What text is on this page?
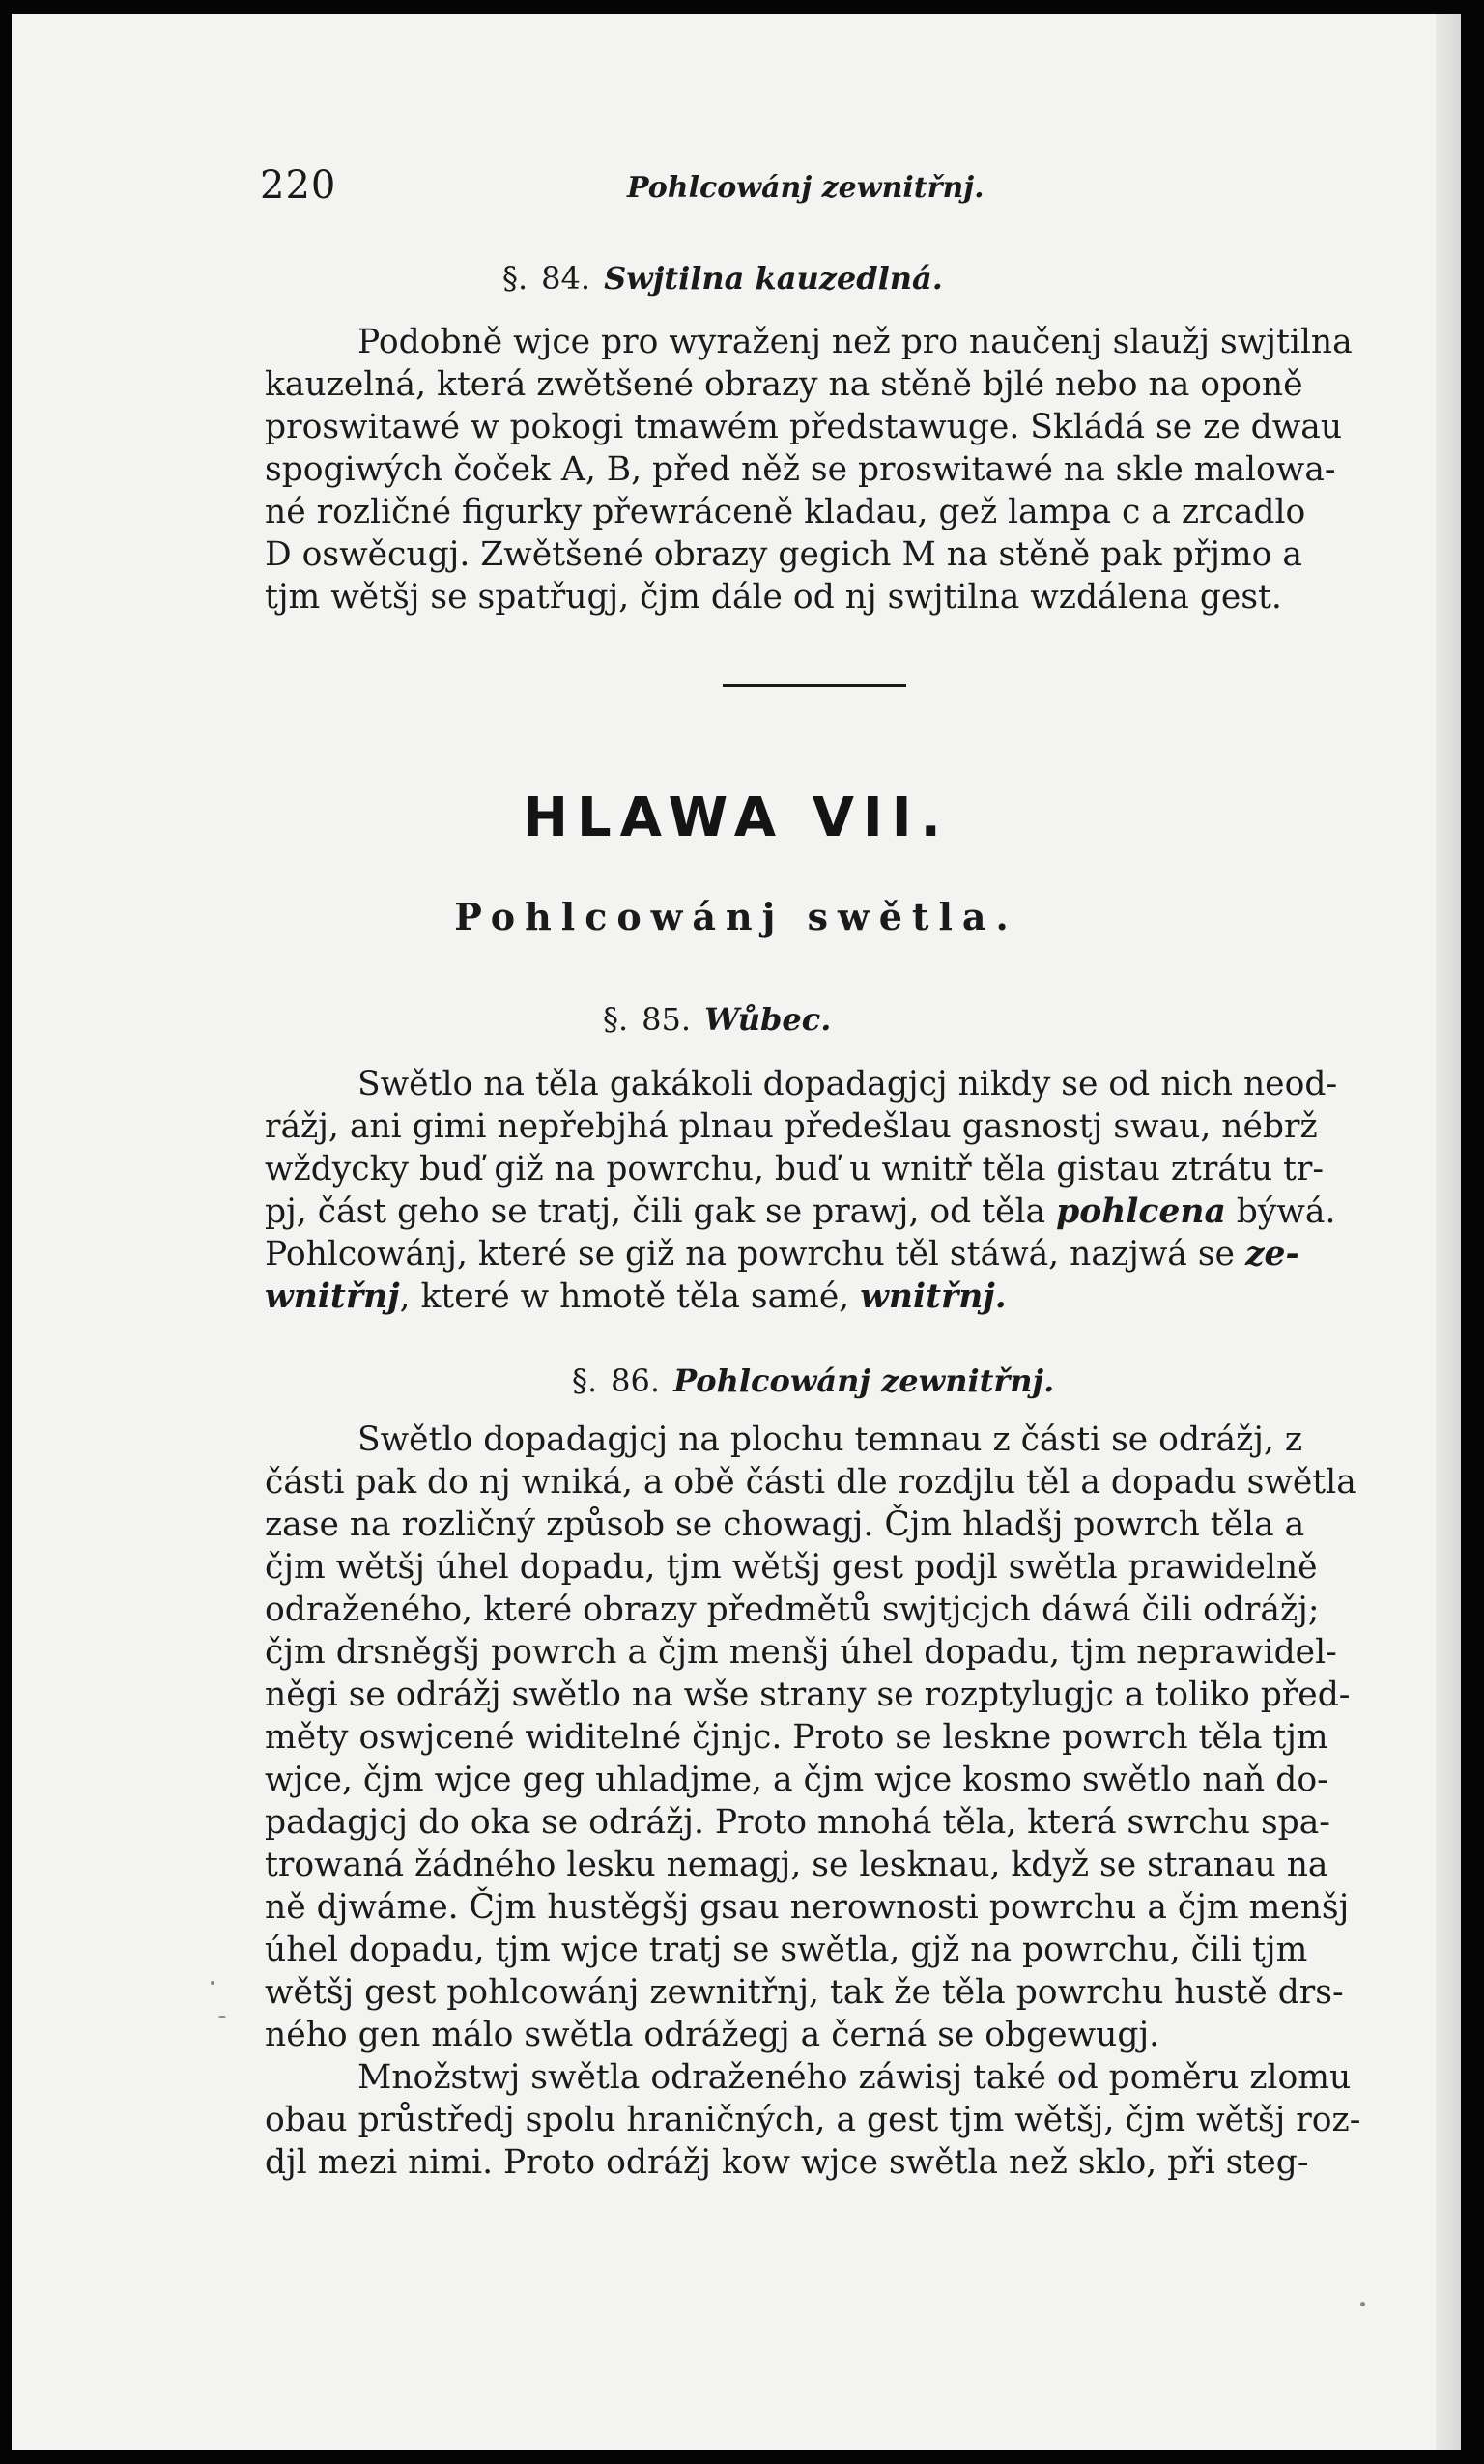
220	Pohlcowánj zewnitřnj.
§. 84. Swjtilna kauzedlná.
Podobně wjce pro wyraženj než pro naučenj slaužj swjtilna
kauzelná, která zwětšené obrazy na stěně bjlé nebo na oponě
proswitawé w pokogi tmawém předstawuge. Skládá se ze dwau
spogiwých čoček A, B, před něž se proswitawé na skle malowa-
né rozličné figurky přewráceně kladau, gež lampa c a zrcadlo
D oswěcugj. Zwětšené obrazy gegich M na stěně pak přjmo a
tjm wětšj se spatřugj, čjm dále od nj swjtilna wzdálena gest.
HLAWA VII.
Pohlcowánj swětla.
§. 85. Wůbec.
Swětlo na těla gakákoli dopadagjcj nikdy se od nich neod-
rážj, ani gimi nepřebjhá plnau předešlau gasnostj swau, nébrž
wždycky buď giž na powrchu, buď u wnitř těla gistau ztrátu tr-
pj, část geho se tratj, čili gak se prawj, od těla pohlcena býwá.
Pohlcowánj, které se giž na powrchu těl stáwá, nazjwá se ze-
wnitřnj, které w hmotě těla samé, wnitřnj.
§. 86. Pohlcowánj zewnitřnj.
Swětlo dopadagjcj na plochu temnau z části se odrážj, z
části pak do nj wniká, a obě části dle rozdjlu těl a dopadu swětla
zase na rozličný způsob se chowagj. Čjm hladšj powrch těla a
čjm wětšj úhel dopadu, tjm wětšj gest podjl swětla prawidelně
odraženého, které obrazy předmětů swjtjcjch dáwá čili odrážj;
čjm drsněgšj powrch a čjm menšj úhel dopadu, tjm neprawidel-
něgi se odrážj swětlo na wše strany se rozptylugjc a toliko před-
měty oswjcené widitelné čjnjc. Proto se leskne powrch těla tjm
wjce, čjm wjce geg uhladjme, a čjm wjce kosmo swětlo naň do-
padagjcj do oka se odrážj. Proto mnohá těla, která swrchu spa-
trowaná žádného lesku nemagj, se lesknau, když se stranau na
ně djwáme. Čjm hustěgšj gsau nerownosti powrchu a čjm menšj
úhel dopadu, tjm wjce tratj se swětla, gjž na powrchu, čili tjm
wětšj gest pohlcowánj zewnitřnj, tak že těla powrchu hustě drs-
ného gen málo swětla odrážegj a černá se obgewugj.
Množstwj swětla odraženého záwisj také od poměru zlomu
obau průstředj spolu hraničných, a gest tjm wětšj, čjm wětšj roz-
djl mezi nimi. Proto odrážj kow wjce swětla než sklo, při steg-
